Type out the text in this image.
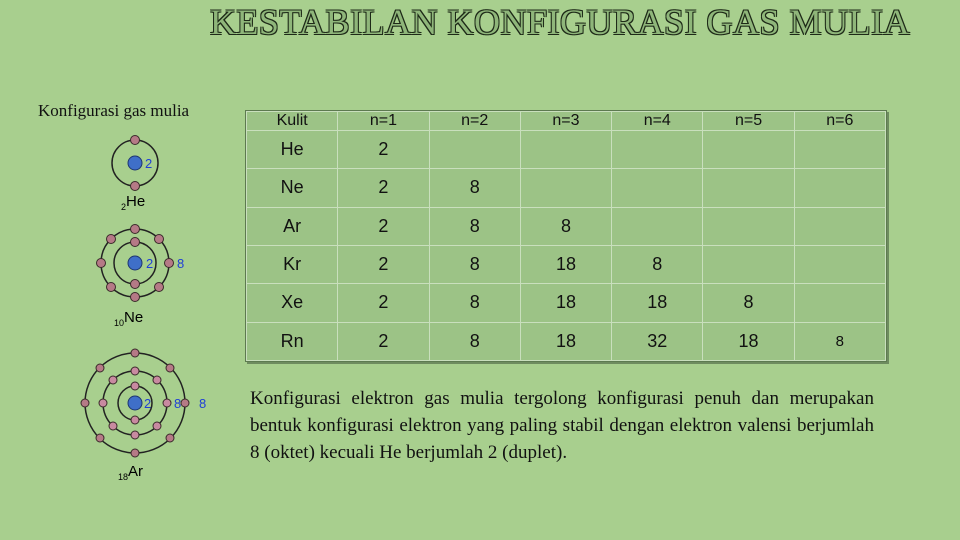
KESTABILAN KONFIGURASI GAS MULIA
Konfigurasi gas mulia
2
$_2$He
2 8
$_{10}$Ne
2 8 8
$_{18}$Ar
Kulit	n=1	n=2	n=3	n=4	n=5	n=6
He	2					
Ne	2	8				
Ar	2	8	8			
Kr	2	8	18	8		
Xe	2	8	18	18	8	
Rn	2	8	18	32	18	8
Konfigurasi elektron gas mulia tergolong konfigurasi penuh dan merupakan bentuk konfigurasi elektron yang paling stabil dengan elektron valensi berjumlah 8 (oktet) kecuali He berjumlah 2 (duplet).
